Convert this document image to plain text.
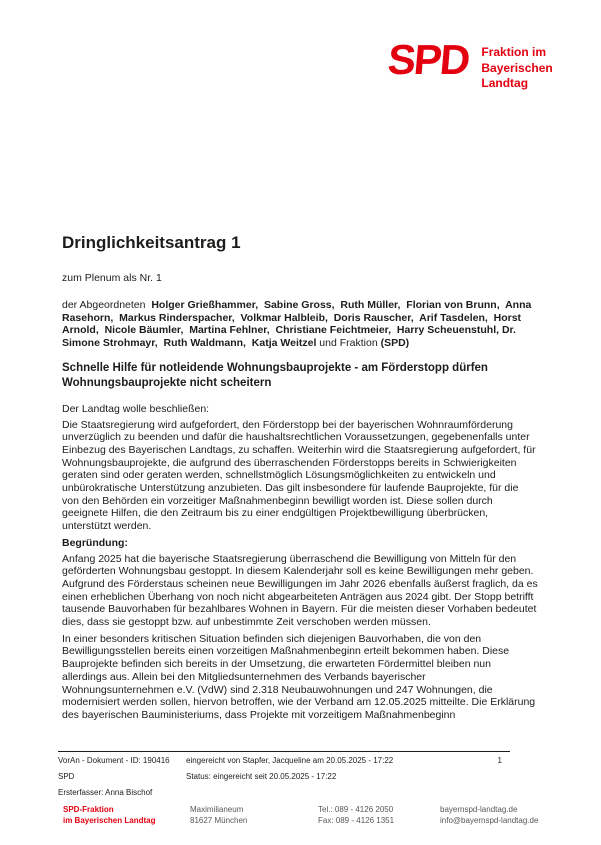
SPD Fraktion im
Bayerischen
Landtag
Dringlichkeitsantrag 1

zum Plenum als Nr. 1

der Abgeordneten  Holger Grießhammer,  Sabine Gross,  Ruth Müller,  Florian von Brunn,  Anna Rasehorn,  Markus Rinderspacher,  Volkmar Halbleib,  Doris Rauscher,  Arif Tasdelen,  Horst Arnold,  Nicole Bäumler,  Martina Fehlner,  Christiane Feichtmeier,  Harry Scheuenstuhl, Dr. Simone Strohmayr,  Ruth Waldmann,  Katja Weitzel und Fraktion (SPD)

Schnelle Hilfe für notleidende Wohnungsbauprojekte - am Förderstopp dürfen Wohnungsbauprojekte nicht scheitern

Der Landtag wolle beschließen:

Die Staatsregierung wird aufgefordert, den Förderstopp bei der bayerischen Wohnraumförderung unverzüglich zu beenden und dafür die haushaltsrechtlichen Voraussetzungen, gegebenenfalls unter Einbezug des Bayerischen Landtags, zu schaffen. Weiterhin wird die Staatsregierung aufgefordert, für Wohnungsbauprojekte, die aufgrund des überraschenden Förderstopps bereits in Schwierigkeiten geraten sind oder geraten werden, schnellstmöglich Lösungsmöglichkeiten zu entwickeln und unbürokratische Unterstützung anzubieten. Das gilt insbesondere für laufende Bauprojekte, für die von den Behörden ein vorzeitiger Maßnahmenbeginn bewilligt worden ist. Diese sollen durch geeignete Hilfen, die den Zeitraum bis zu einer endgültigen Projektbewilligung überbrücken, unterstützt werden.

Begründung:

Anfang 2025 hat die bayerische Staatsregierung überraschend die Bewilligung von Mitteln für den geförderten Wohnungsbau gestoppt. In diesem Kalenderjahr soll es keine Bewilligungen mehr geben. Aufgrund des Förderstaus scheinen neue Bewilligungen im Jahr 2026 ebenfalls äußerst fraglich, da es einen erheblichen Überhang von noch nicht abgearbeiteten Anträgen aus 2024 gibt. Der Stopp betrifft tausende Bauvorhaben für bezahlbares Wohnen in Bayern. Für die meisten dieser Vorhaben bedeutet dies, dass sie gestoppt bzw. auf unbestimmte Zeit verschoben werden müssen.

In einer besonders kritischen Situation befinden sich diejenigen Bauvorhaben, die von den Bewilligungsstellen bereits einen vorzeitigen Maßnahmenbeginn erteilt bekommen haben. Diese Bauprojekte befinden sich bereits in der Umsetzung, die erwarteten Fördermittel bleiben nun allerdings aus. Allein bei den Mitgliedsunternehmen des Verbands bayerischer Wohnungsunternehmen e.V. (VdW) sind 2.318 Neubauwohnungen und 247 Wohnungen, die modernisiert werden sollen, hiervon betroffen, wie der Verband am 12.05.2025 mitteilte. Die Erklärung des bayerischen Bauministeriums, dass Projekte mit vorzeitigem Maßnahmenbeginn

VorAn - Dokument - ID: 190416	eingereicht von Stapfer, Jacqueline am 20.05.2025 - 17:22	1
SPD	Status: eingereicht seit 20.05.2025 - 17:22
Ersterfasser: Anna Bischof
SPD-Fraktion
im Bayerischen Landtag
Maximilianeum
81627 München
Tel.: 089 - 4126 2050
Fax: 089 - 4126 1351
bayernspd-landtag.de
info@bayernspd-landtag.de
